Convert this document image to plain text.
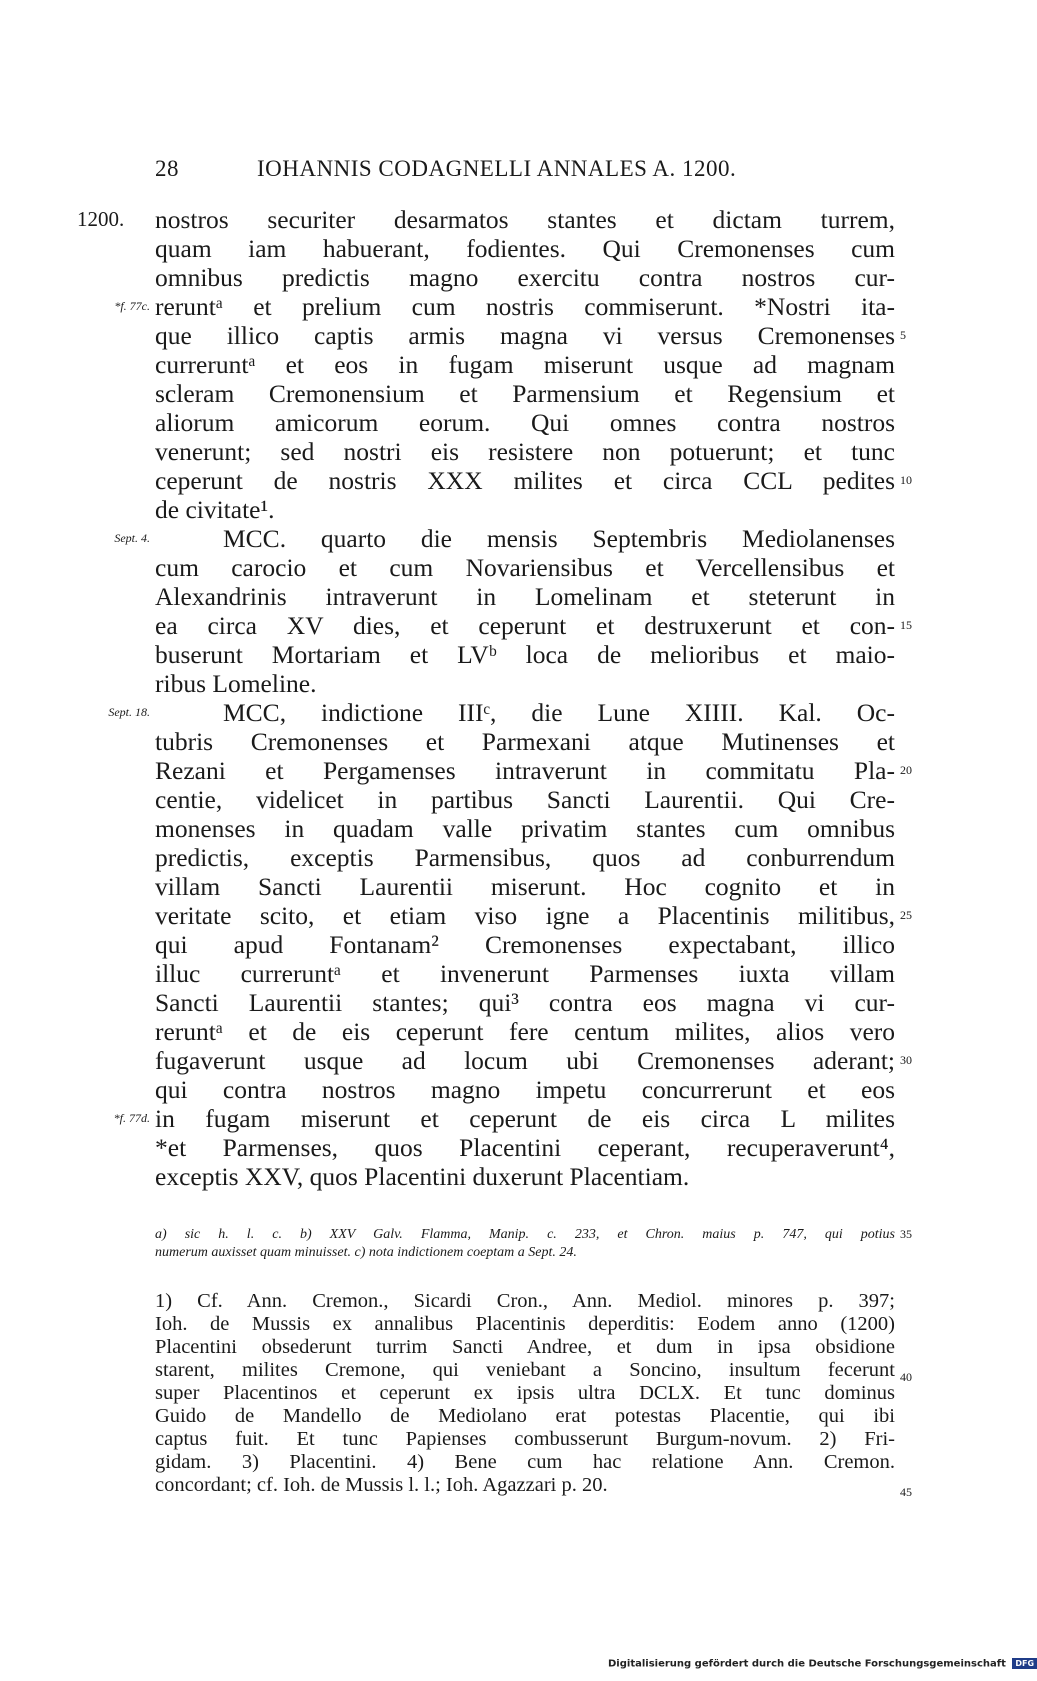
28	IOHANNIS CODAGNELLI ANNALES A. 1200.
1200.
*f. 77c.
Sept. 4.
Sept. 18.
*f. 77d.
nostros securiter desarmatos stantes et dictam turrem,
quam iam habuerant, fodientes. Qui Cremonenses cum
omnibus predictis magno exercitu contra nostros cur-
reruntᵃ et prelium cum nostris commiserunt. *Nostri ita-
que illico captis armis magna vi versus Cremonenses
curreruntᵃ et eos in fugam miserunt usque ad magnam
scleram Cremonensium et Parmensium et Regensium et
aliorum amicorum eorum. Qui omnes contra nostros
venerunt; sed nostri eis resistere non potuerunt; et tunc
ceperunt de nostris XXX milites et circa CCL pedites
de civitate¹.
MCC. quarto die mensis Septembris Mediolanenses
cum carocio et cum Novariensibus et Vercellensibus et
Alexandrinis intraverunt in Lomelinam et steterunt in
ea circa XV dies, et ceperunt et destruxerunt et con-
buserunt Mortariam et LVᵇ loca de melioribus et maio-
ribus Lomeline.
MCC, indictione IIIᶜ, die Lune XIIII. Kal. Oc-
tubris Cremonenses et Parmexani atque Mutinenses et
Rezani et Pergamenses intraverunt in commitatu Pla-
centie, videlicet in partibus Sancti Laurentii. Qui Cre-
monenses in quadam valle privatim stantes cum omnibus
predictis, exceptis Parmensibus, quos ad conburrendum
villam Sancti Laurentii miserunt. Hoc cognito et in
veritate scito, et etiam viso igne a Placentinis militibus,
qui apud Fontanam² Cremonenses expectabant, illico
illuc curreruntᵃ et invenerunt Parmenses iuxta villam
Sancti Laurentii stantes; qui³ contra eos magna vi cur-
reruntᵃ et de eis ceperunt fere centum milites, alios vero
fugaverunt usque ad locum ubi Cremonenses aderant;
qui contra nostros magno impetu concurrerunt et eos
in fugam miserunt et ceperunt de eis circa L milites
*et Parmenses, quos Placentini ceperant, recuperaverunt⁴,
exceptis XXV, quos Placentini duxerunt Placentiam.
5
10
15
20
25
30
35
40
45
a) sic h. l. c. b) XXV Galv. Flamma, Manip. c. 233, et Chron. maius p. 747, qui potius
numerum auxisset quam minuisset. c) nota indictionem coeptam a Sept. 24.
1) Cf. Ann. Cremon., Sicardi Cron., Ann. Mediol. minores p. 397;
Ioh. de Mussis ex annalibus Placentinis deperditis: Eodem anno (1200)
Placentini obsederunt turrim Sancti Andree, et dum in ipsa obsidione
starent, milites Cremone, qui veniebant a Soncino, insultum fecerunt
super Placentinos et ceperunt ex ipsis ultra DCLX. Et tunc dominus
Guido de Mandello de Mediolano erat potestas Placentie, qui ibi
captus fuit. Et tunc Papienses combusserunt Burgum-novum. 2) Fri-
gidam. 3) Placentini. 4) Bene cum hac relatione Ann. Cremon.
concordant; cf. Ioh. de Mussis l. l.; Ioh. Agazzari p. 20.
Digitalisierung gefördert durch die Deutsche Forschungsgemeinschaft DFG
